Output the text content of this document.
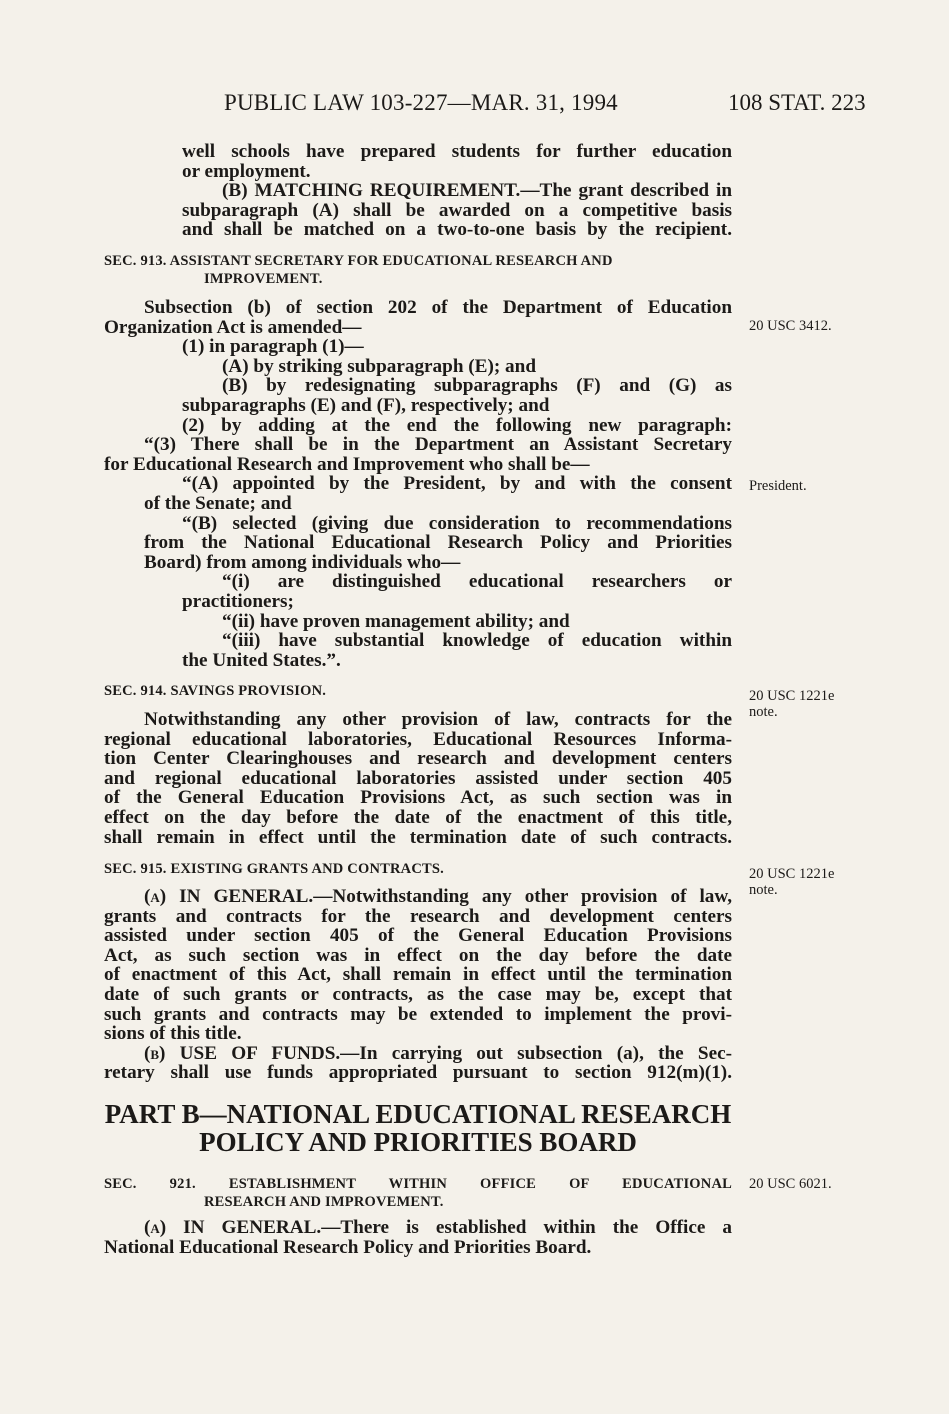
PUBLIC LAW 103-227—MAR. 31, 1994	108 STAT. 223
well schools have prepared students for further education
or employment.
(B) MATCHING REQUIREMENT.—The grant described in
subparagraph (A) shall be awarded on a competitive basis
and shall be matched on a two-to-one basis by the recipient.
SEC. 913. ASSISTANT SECRETARY FOR EDUCATIONAL RESEARCH AND
IMPROVEMENT.
Subsection (b) of section 202 of the Department of Education
Organization Act is amended—
(1) in paragraph (1)—
(A) by striking subparagraph (E); and
(B) by redesignating subparagraphs (F) and (G) as
subparagraphs (E) and (F), respectively; and
(2) by adding at the end the following new paragraph:
“(3) There shall be in the Department an Assistant Secretary
for Educational Research and Improvement who shall be—
“(A) appointed by the President, by and with the consent
of the Senate; and
“(B) selected (giving due consideration to recommendations
from the National Educational Research Policy and Priorities
Board) from among individuals who—
“(i) are distinguished educational researchers or
practitioners;
“(ii) have proven management ability; and
“(iii) have substantial knowledge of education within
the United States.”.
SEC. 914. SAVINGS PROVISION.
Notwithstanding any other provision of law, contracts for the
regional educational laboratories, Educational Resources Informa-
tion Center Clearinghouses and research and development centers
and regional educational laboratories assisted under section 405
of the General Education Provisions Act, as such section was in
effect on the day before the date of the enactment of this title,
shall remain in effect until the termination date of such contracts.
SEC. 915. EXISTING GRANTS AND CONTRACTS.
(a) IN GENERAL.—Notwithstanding any other provision of law,
grants and contracts for the research and development centers
assisted under section 405 of the General Education Provisions
Act, as such section was in effect on the day before the date
of enactment of this Act, shall remain in effect until the termination
date of such grants or contracts, as the case may be, except that
such grants and contracts may be extended to implement the provi-
sions of this title.
(b) USE OF FUNDS.—In carrying out subsection (a), the Sec-
retary shall use funds appropriated pursuant to section 912(m)(1).
PART B—NATIONAL EDUCATIONAL RESEARCH
POLICY AND PRIORITIES BOARD
SEC. 921. ESTABLISHMENT WITHIN OFFICE OF EDUCATIONAL
RESEARCH AND IMPROVEMENT.
(a) IN GENERAL.—There is established within the Office a
National Educational Research Policy and Priorities Board.
20 USC 3412.
President.
20 USC 1221e
note.
20 USC 1221e
note.
20 USC 6021.
